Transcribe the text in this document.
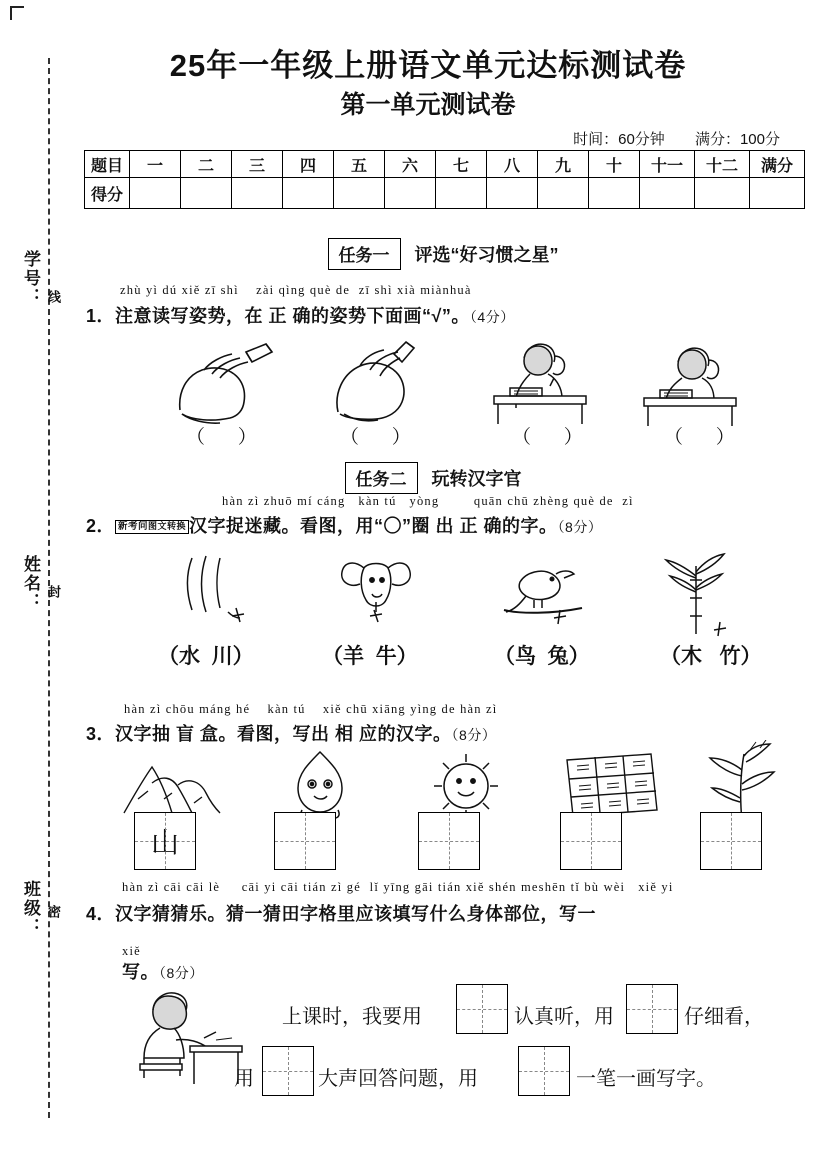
学号： 线
姓名： 封
班级： 密
25年一年级上册语文单元达标测试卷
第一单元测试卷
时间：60分钟 满分：100分
题目	一	二	三	四	五	六	七	八	九	十	十一	十二	满分
得分													
任务一 评选“好习惯之星”
zhù yì dú xiě zī shì    zài qìng què de  zī shì xià miànhuà
1．注意读写姿势，在 正 确的姿势下面画“√”。（4分）
（ ）	（ ）	（ ）	（ ）
任务二 玩转汉字官
hàn zì zhuō mí cáng   kàn tú   yòng        quān chū zhèng què de  zì
2． 新考问图文转换 汉字捉迷藏。看图，用“〇”圈 出 正 确的字。（8分）
（水  川）	（羊  牛）	（鸟  兔）	（木   竹）
hàn zì chōu máng hé    kàn tú    xiě chū xiāng yìng de hàn zì
3．汉字抽 盲 盒。看图，写出 相 应的汉字。（8分）
山
hàn zì cāi cāi lè     cāi yi cāi tián zì gé  lǐ yīng gāi tián xiě shén meshēn tǐ bù wèi   xiě yi
xiě
4．汉字猜猜乐。猜一猜田字格里应该填写什么身体部位，写一
写。（8分）
上课时，我要用	认真听，用	仔细看，
用	大声回答问题，用	一笔一画写字。
